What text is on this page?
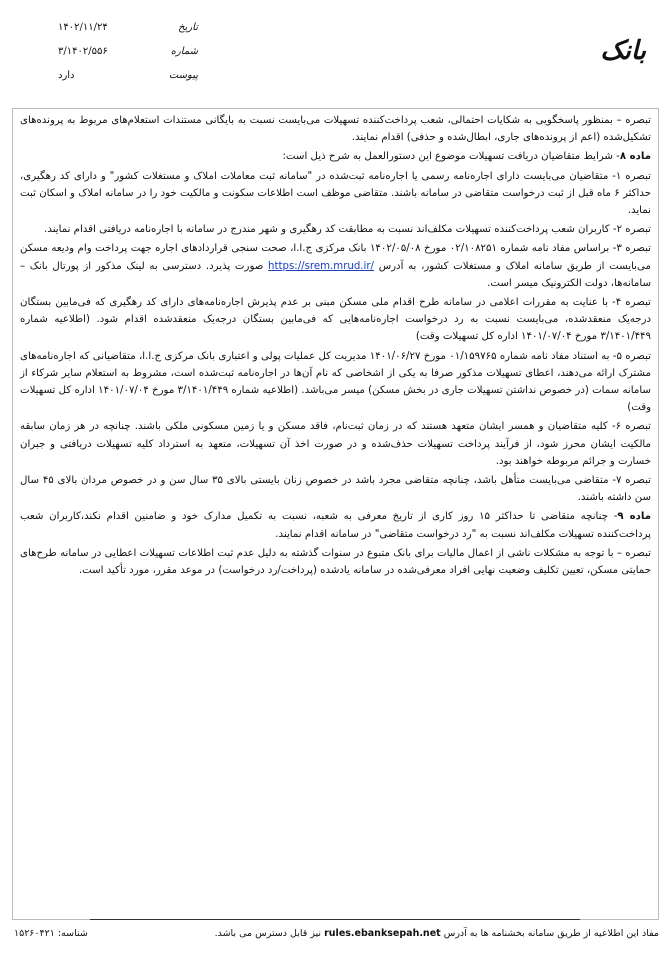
تاریخ
۱۴۰۲/۱۱/۲۴
شماره
۳/۱۴۰۲/۵۵۶
پیوست
دارد
بانک

تبصره – بمنظور پاسخگویی به شکایات احتمالی، شعب پرداخت‌کننده تسهیلات می‌بایست نسبت به بایگانی مستندات استعلام‌های مربوط به پرونده‌های تشکیل‌شده (اعم از پرونده‌های جاری، ابطال‌شده و حذفی) اقدام نمایند.

ماده ۸- شرایط متقاضیان دریافت تسهیلات موضوع این دستورالعمل به شرح ذیل است:

تبصره ۱- متقاضیان می‌بایست دارای اجاره‌نامه رسمی یا اجاره‌نامه ثبت‌شده در "سامانه ثبت معاملات املاک و مستغلات کشور" و دارای کد رهگیری، حداکثر ۶ ماه قبل از ثبت درخواست متقاضی در سامانه باشند. متقاضی موظف است اطلاعات سکونت و مالکیت خود را در سامانه املاک و اسکان ثبت نماید.

تبصره ۲- کاربران شعب پرداخت‌کننده تسهیلات مکلف‌اند نسبت به مطابقت کد رهگیری و شهر مندرج در سامانه با اجاره‌نامه دریافتی اقدام نمایند.

تبصره ۳- براساس مفاد نامه شماره ۰۲/۱۰۸۲۵۱ مورخ ۱۴۰۲/۰۵/۰۸ بانک مرکزی ج.ا.ا، صحت سنجی قراردادهای اجاره جهت پرداخت وام ودیعه مسکن می‌بایست از طریق سامانه املاک و مستغلات کشور، به آدرس https://srem.mrud.ir/ صورت پذیرد. دسترسی به لینک مذکور از پورتال بانک – سامانه‌ها، دولت الکترونیک میسر است.

تبصره ۴- با عنایت به مقررات اعلامی در سامانه طرح اقدام ملی مسکن مبنی بر عدم پذیرش اجاره‌نامه‌های دارای کد رهگیری که فی‌مابین بستگان درجه‌یک منعقدشده، می‌بایست نسبت به رد درخواست اجاره‌نامه‌هایی که فی‌مابین بستگان درجه‌یک منعقدشده اقدام شود. (اطلاعیه شماره ۳/۱۴۰۱/۴۴۹ مورخ ۱۴۰۱/۰۷/۰۴ اداره کل تسهیلات وقت)

تبصره ۵- به استناد مفاد نامه شماره ۰۱/۱۵۹۷۶۵ مورخ ۱۴۰۱/۰۶/۲۷ مدیریت کل عملیات پولی و اعتباری بانک مرکزی ج.ا.ا، متقاضیانی که اجاره‌نامه‌های مشترک ارائه می‌دهند، اعطای تسهیلات مذکور صرفا به یکی از اشخاصی که نام آن‌ها در اجاره‌نامه ثبت‌شده است، مشروط به استعلام سایر شرکاء از سامانه سمات (در خصوص نداشتن تسهیلات جاری در بخش مسکن) میسر می‌باشد. (اطلاعیه شماره ۳/۱۴۰۱/۴۴۹ مورخ ۱۴۰۱/۰۷/۰۴ اداره کل تسهیلات وقت)

تبصره ۶- کلیه متقاضیان و همسر ایشان متعهد هستند که در زمان ثبت‌نام، فاقد مسکن و یا زمین مسکونی ملکی باشند. چنانچه در هر زمان سابقه مالکیت ایشان محرز شود، از فرآیند پرداخت تسهیلات حذف‌شده و در صورت اخذ آن تسهیلات، متعهد به استرداد کلیه تسهیلات دریافتی و جبران خسارت و جرائم مربوطه خواهند بود.

تبصره ۷- متقاضی می‌بایست متأهل باشد، چنانچه متقاضی مجرد باشد در خصوص زنان بایستی بالای ۳۵ سال سن و در خصوص مردان بالای ۴۵ سال سن داشته باشند.

ماده ۹- چنانچه متقاضی تا حداکثر ۱۵ روز کاری از تاریخ معرفی به شعبه، نسبت به تکمیل مدارک خود و ضامنین اقدام نکند،کاربران شعب پرداخت‌کننده تسهیلات مکلف‌اند نسبت به "رد درخواست متقاضی" در سامانه اقدام نمایند.

تبصره – با توجه به مشکلات ناشی از اعمال مالیات برای بانک متبوع در سنوات گذشته به دلیل عدم ثبت اطلاعات تسهیلات اعطایی در سامانه طرح‌های حمایتی مسکن، تعیین تکلیف وضعیت نهایی افراد معرفی‌شده در سامانه یادشده (پرداخت/رد درخواست) در موعد مقرر، مورد تأکید است.

مفاد این اطلاعیه از طریق سامانه بخشنامه ها به آدرس rules.ebanksepah.net نیز قابل دسترس می باشد.
شناسه: ۱۵۲۶۰۴۲۱
